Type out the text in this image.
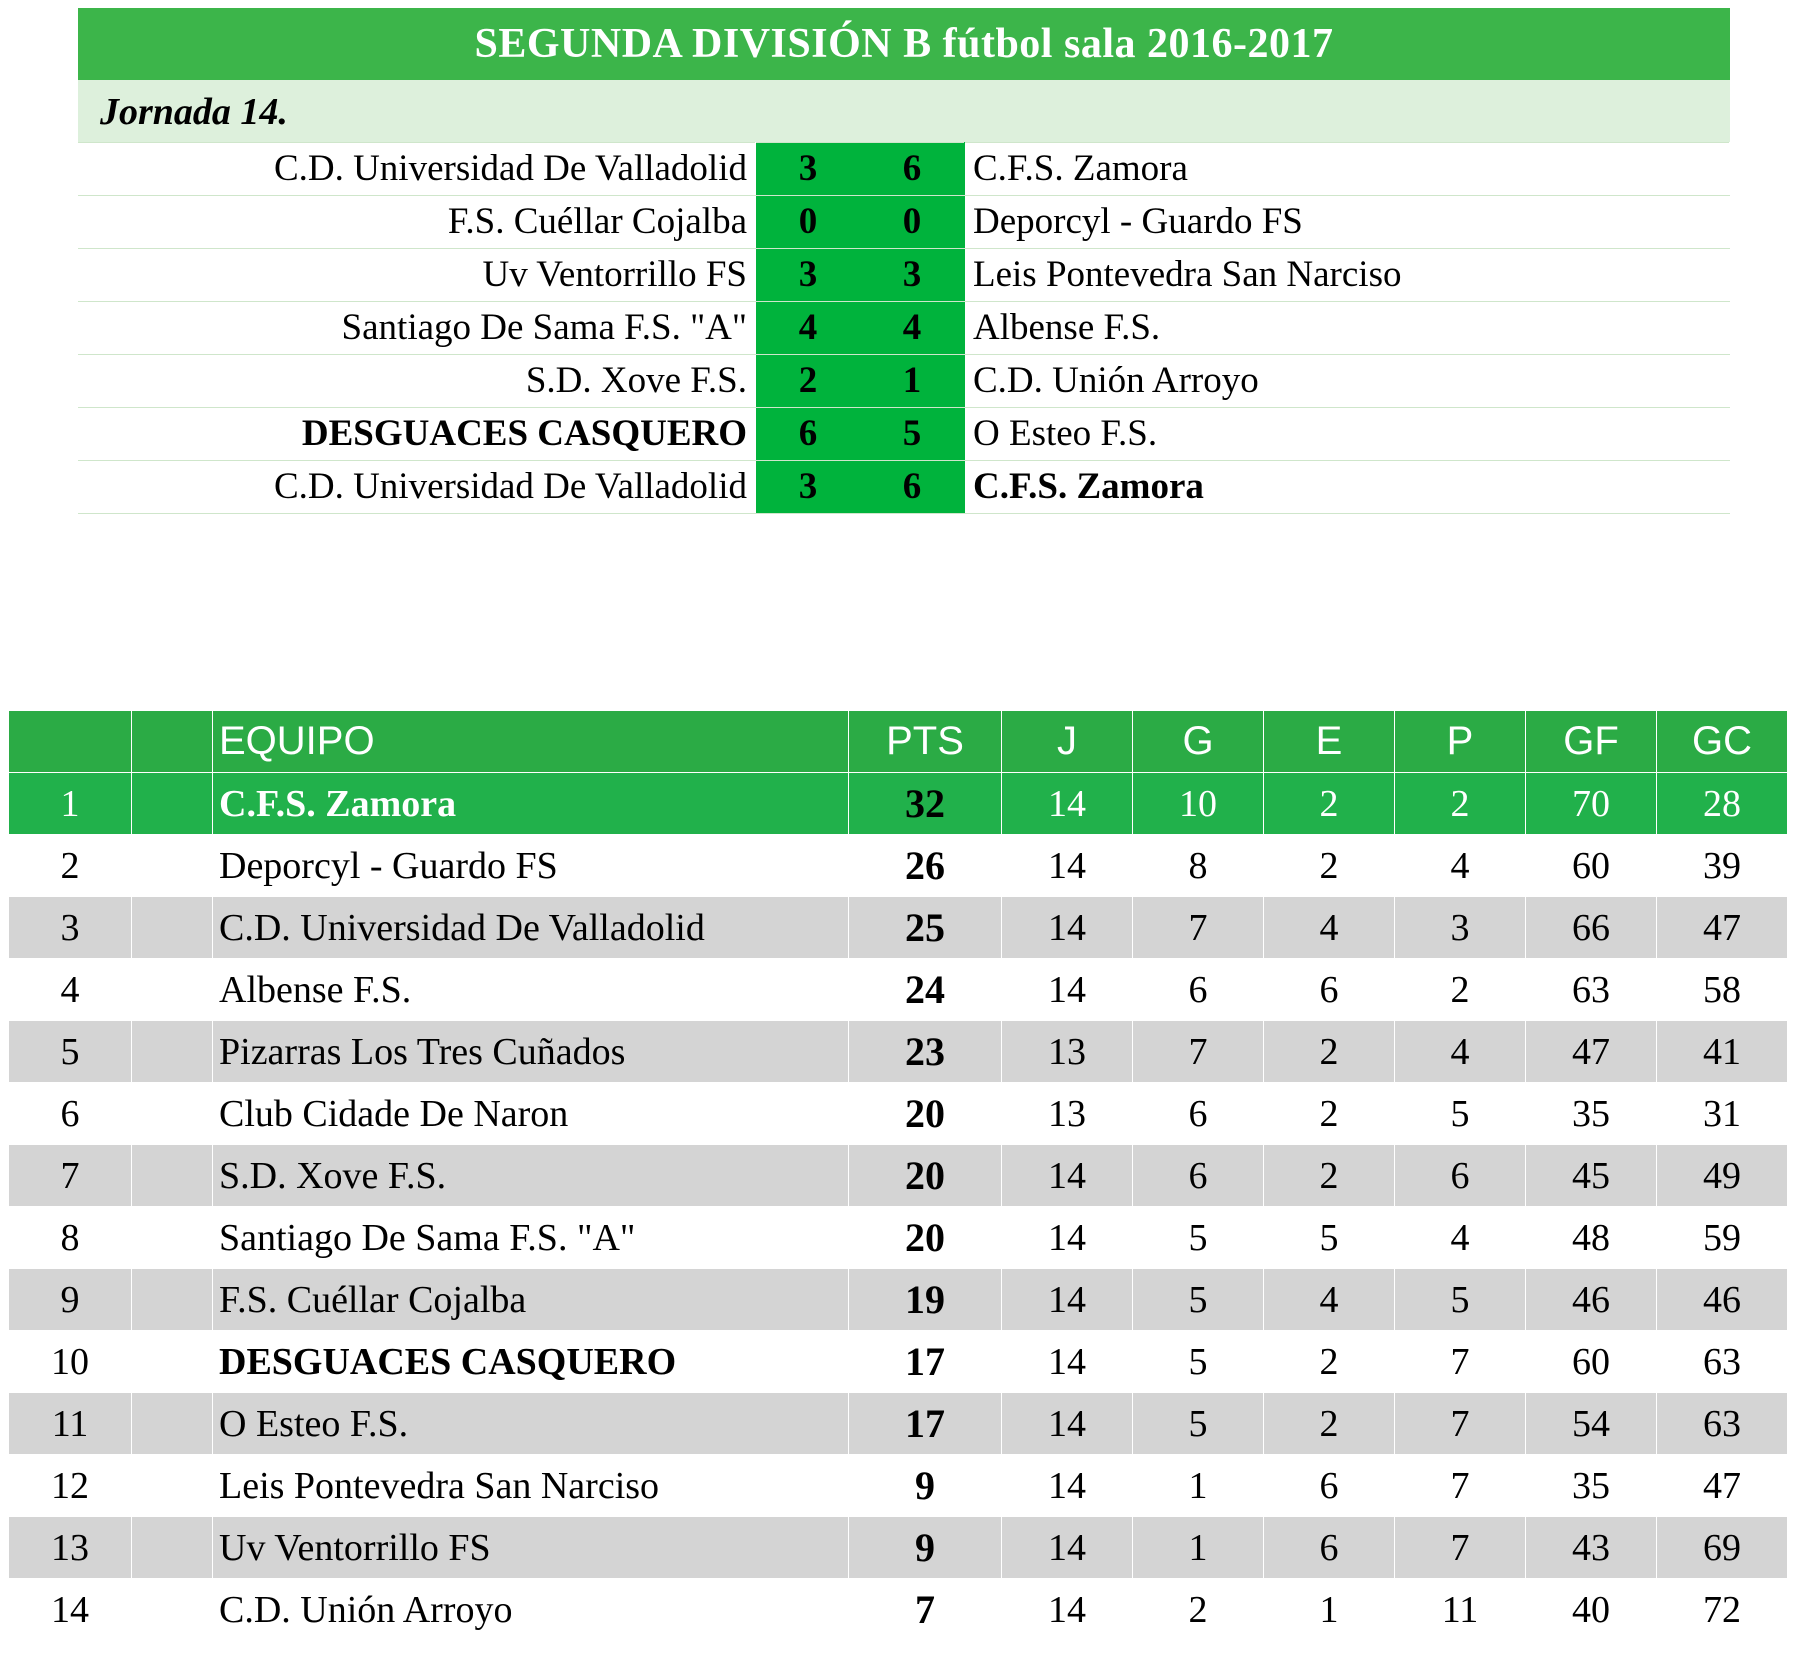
SEGUNDA DIVISIÓN B fútbol sala 2016-2017
Jornada 14.
C.D. Universidad De Valladolid	3	6	C.F.S. Zamora
F.S. Cuéllar Cojalba	0	0	Deporcyl - Guardo FS
Uv Ventorrillo FS	3	3	Leis Pontevedra San Narciso
Santiago De Sama F.S. "A"	4	4	Albense F.S.
S.D. Xove F.S.	2	1	C.D. Unión Arroyo
DESGUACES CASQUERO	6	5	O Esteo F.S.
C.D. Universidad De Valladolid	3	6	C.F.S. Zamora
		EQUIPO	PTS	J	G	E	P	GF	GC
1		C.F.S. Zamora	32	14	10	2	2	70	28
2		Deporcyl - Guardo FS	26	14	8	2	4	60	39
3		C.D. Universidad De Valladolid	25	14	7	4	3	66	47
4		Albense F.S.	24	14	6	6	2	63	58
5		Pizarras Los Tres Cuñados	23	13	7	2	4	47	41
6		Club Cidade De Naron	20	13	6	2	5	35	31
7		S.D. Xove F.S.	20	14	6	2	6	45	49
8		Santiago De Sama F.S. "A"	20	14	5	5	4	48	59
9		F.S. Cuéllar Cojalba	19	14	5	4	5	46	46
10		DESGUACES CASQUERO	17	14	5	2	7	60	63
11		O Esteo F.S.	17	14	5	2	7	54	63
12		Leis Pontevedra San Narciso	9	14	1	6	7	35	47
13		Uv Ventorrillo FS	9	14	1	6	7	43	69
14		C.D. Unión Arroyo	7	14	2	1	11	40	72
